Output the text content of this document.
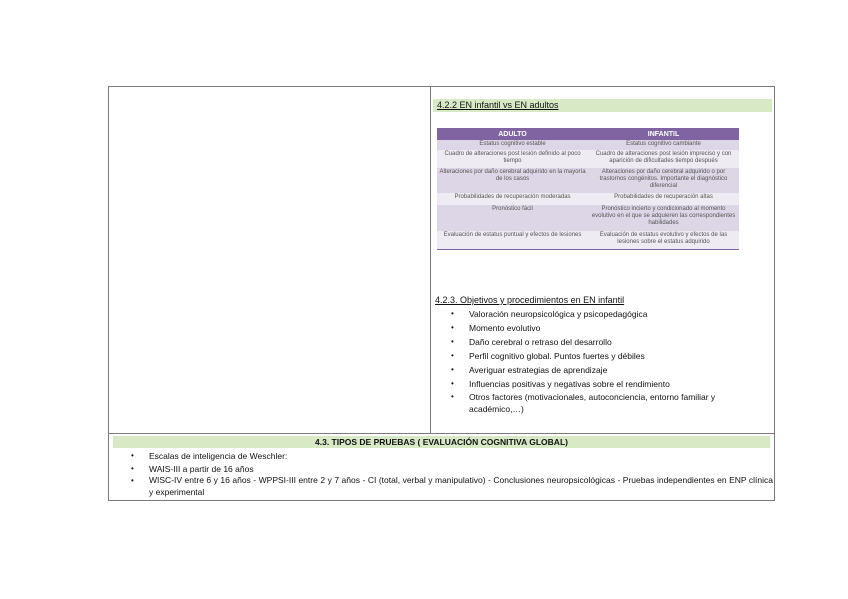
4.2.2 EN infantil vs EN adultos
ADULTO	INFANTIL
Estatus cognitivo estable	Estatus cognitivo cambiante
Cuadro de alteraciones post lesión definido al poco tiempo	Cuadro de alteraciones post lesión impreciso y con aparición de dificultades tiempo después
Alteraciones por daño cerebral adquirido en la mayoría de los casos	Alteraciones por daño cerebral adquirido o por trastornos congénitos. Importante el diagnóstico diferencial
Probabilidades de recuperación moderadas	Probabilidades de recuperación altas
Pronóstico fácil	Pronóstico incierto y condicionado al momento evolutivo en el que se adquieren las correspondientes habilidades
Evaluación de estatus puntual y efectos de lesiones	Evaluación de estatus evolutivo y efectos de las lesiones sobre el estatus adquirido
4.2.3. Objetivos y procedimientos en EN infantil
• Valoración neuropsicológica y psicopedagógica
• Momento evolutivo
• Daño cerebral o retraso del desarrollo
• Perfil cognitivo global. Puntos fuertes y débiles
• Averiguar estrategias de aprendizaje
• Influencias positivas y negativas sobre el rendimiento
• Otros factores (motivacionales, autoconciencia, entorno familiar y académico,…)
4.3. TIPOS DE PRUEBAS ( EVALUACIÓN COGNITIVA GLOBAL)
• Escalas de inteligencia de Weschler:
• WAIS-III a partir de 16 años
• WISC-IV entre 6 y 16 años - WPPSI-III entre 2 y 7 años - CI (total, verbal y manipulativo) - Conclusiones neuropsicológicas - Pruebas independientes en ENP clínica y experimental
